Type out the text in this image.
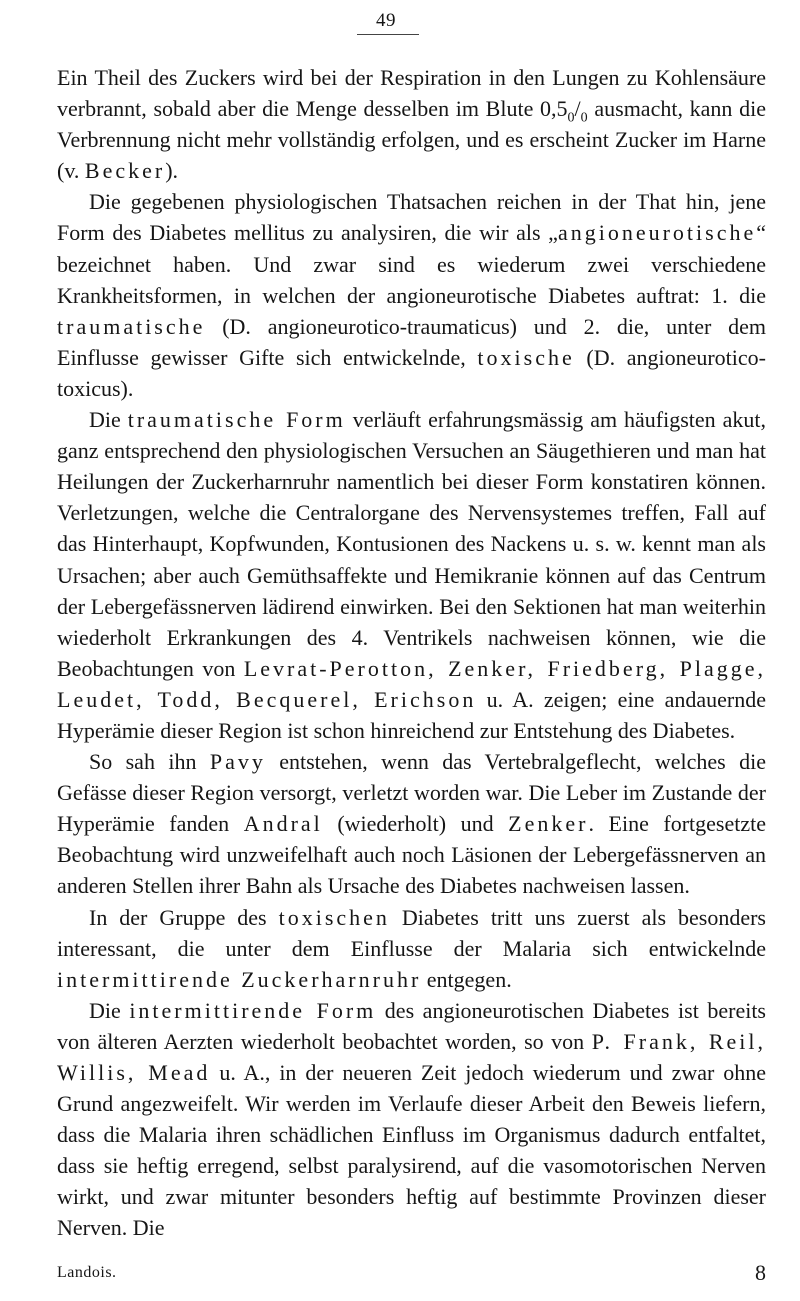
49

Ein Theil des Zuckers wird bei der Respiration in den Lungen zu Kohlensäure verbrannt, sobald aber die Menge desselben im Blute $0,5_0/_0$ ausmacht, kann die Verbrennung nicht mehr vollständig erfolgen, und es erscheint Zucker im Harne (v. Becker).

Die gegebenen physiologischen Thatsachen reichen in der That hin, jene Form des Diabetes mellitus zu analysiren, die wir als „angioneurotische“ bezeichnet haben. Und zwar sind es wiederum zwei verschiedene Krankheitsformen, in welchen der angioneurotische Diabetes auftrat: 1. die traumatische (D. angioneurotico-traumaticus) und 2. die, unter dem Einflusse gewisser Gifte sich entwickelnde, toxische (D. angioneurotico-toxicus).

Die traumatische Form verläuft erfahrungsmässig am häufigsten akut, ganz entsprechend den physiologischen Versuchen an Säugethieren und man hat Heilungen der Zuckerharnruhr namentlich bei dieser Form konstatiren können. Verletzungen, welche die Centralorgane des Nervensystemes treffen, Fall auf das Hinterhaupt, Kopfwunden, Kontusionen des Nackens u. s. w. kennt man als Ursachen; aber auch Gemüthsaffekte und Hemikranie können auf das Centrum der Lebergefässnerven lädirend einwirken. Bei den Sektionen hat man weiterhin wiederholt Erkrankungen des 4. Ventrikels nachweisen können, wie die Beobachtungen von Levrat-Perotton, Zenker, Friedberg, Plagge, Leudet, Todd, Becquerel, Erichson u. A. zeigen; eine andauernde Hyperämie dieser Region ist schon hinreichend zur Entstehung des Diabetes.

So sah ihn Pavy entstehen, wenn das Vertebralgeflecht, welches die Gefässe dieser Region versorgt, verletzt worden war. Die Leber im Zustande der Hyperämie fanden Andral (wiederholt) und Zenker. Eine fortgesetzte Beobachtung wird unzweifelhaft auch noch Läsionen der Lebergefässnerven an anderen Stellen ihrer Bahn als Ursache des Diabetes nachweisen lassen.

In der Gruppe des toxischen Diabetes tritt uns zuerst als besonders interessant, die unter dem Einflusse der Malaria sich entwickelnde intermittirende Zuckerharnruhr entgegen.

Die intermittirende Form des angioneurotischen Diabetes ist bereits von älteren Aerzten wiederholt beobachtet worden, so von P. Frank, Reil, Willis, Mead u. A., in der neueren Zeit jedoch wiederum und zwar ohne Grund angezweifelt. Wir werden im Verlaufe dieser Arbeit den Beweis liefern, dass die Malaria ihren schädlichen Einfluss im Organismus dadurch entfaltet, dass sie heftig erregend, selbst paralysirend, auf die vasomotorischen Nerven wirkt, und zwar mitunter besonders heftig auf bestimmte Provinzen dieser Nerven. Die

Landois.	8
